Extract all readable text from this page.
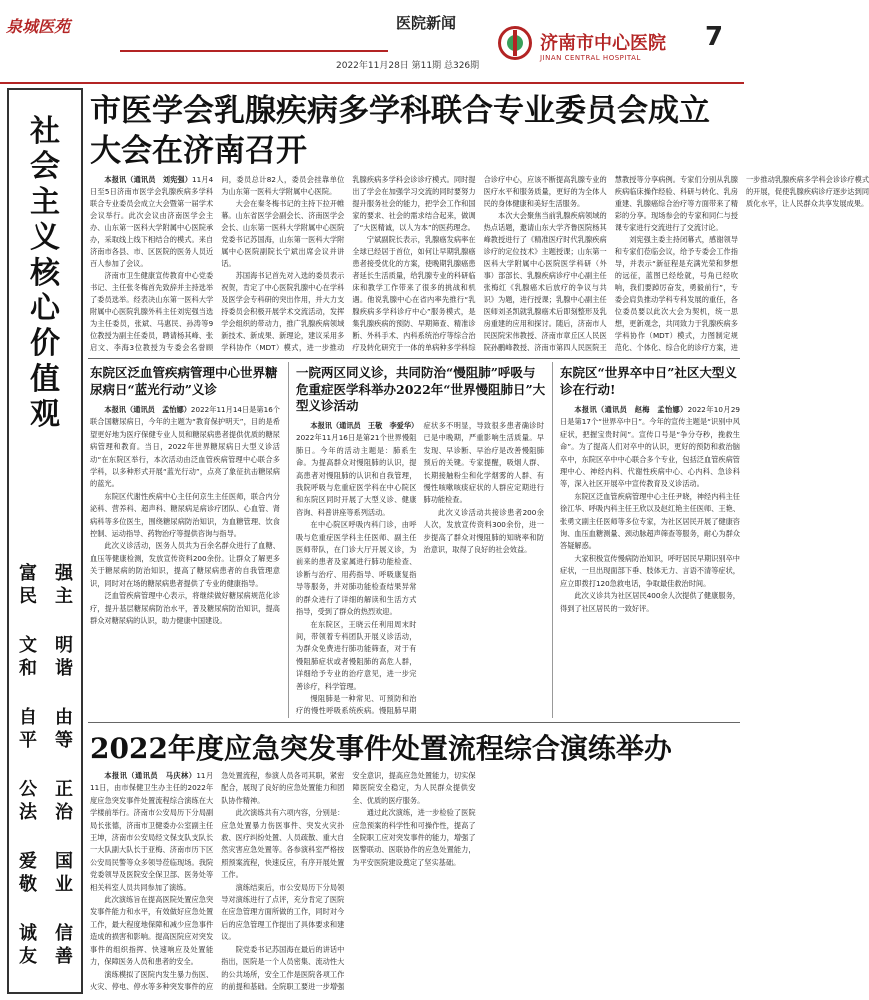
泉城医苑	医院新闻
2022年11月28日 第11期 总326期
济南市中心医院
JINAN CENTRAL HOSPITAL
7
社
会
主
义
核
心
价
值
观
富
民
强
主
文
和
明
谐
自
平
由
等
公
法
正
治
爱
敬
国
业
诚
友
信
善
市医学会乳腺疾病多学科联合专业委员会成立大会在济南召开

本报讯（通讯员　刘宪强）11月4日至5日济南市医学会乳腺疾病多学科联合专业委员会成立大会暨第一届学术会议举行。此次会议由济南医学会主办、山东第一医科大学附属中心医院承办，采取线上线下相结合的模式。来自济南市各县、市、区医院的医务人员近百人参加了会议。

济南市卫生健康宣传教育中心党委书记、主任张冬梅首先致辞并主持选举了委员选举。经表决山东第一医科大学附属中心医院乳腺外科主任刘宪强当选为主任委员，张斌、马惠民、孙涛等9位教授为副主任委员，聘请杨其峰、张启文、李海3位教授为专委会名誉顾问，委员总计82人，委员会挂靠单位为山东第一医科大学附属中心医院。

大会在秦冬梅书记的主持下拉开帷幕。山东省医学会副会长、济南医学会会长、山东第一医科大学附属中心医院党委书记苏国海，山东第一医科大学附属中心医院副院长宁斌出席会议并讲话。

苏国海书记首先对入选的委员表示祝贺，肯定了中心医院乳腺中心在学科及医学会专科研的突出作用，并大力支持委员会积极开展学术交流活动，发挥学会组织的带动力，推广乳腺疾病领域新技术、新成果、新理论，建议采用多学科协作（MDT）模式，进一步推动乳腺疾病多学科会诊诊疗模式。同时提出了学会在加强学习交流的同时要努力提升服务社会的能力，把学会工作和国家的要求、社会的需求结合起来，做调了“大医精诚，以人为本”的医药理念。

宁斌副院长表示，乳腺癌发病率在全球已经居于首位，如何让早期乳腺癌患者接受优化的方案，使晚期乳腺癌患者延长生活质量，给乳腺专业的科研临床和教学工作带来了很多的挑战和机遇。他说乳腺中心在省内率先推行“乳腺疾病多学科诊疗中心”服务模式，是集乳腺疾病的预防、早期筛查、精准诊断、外科手术、内科系统治疗等综合治疗及转化研究于一体的单病种多学科综合诊疗中心，应该不断提高乳腺专业的医疗水平和服务质量，更好的为全体人民的身体健康和美好生活服务。

本次大会聚焦当前乳腺疾病领域的热点话题，邀请山东大学齐鲁医院杨其峰教授进行了《精准医疗时代乳腺疾病诊疗的定位技术》主题授课；山东第一医科大学附属中心医院医学科研（外事）部部长、乳腺疾病诊疗中心副主任张梅红《乳腺癌术后放疗的争议与共识》为题，进行授课；乳腺中心副主任医师刘圣凯就乳腺癌术后即刻整形及乳房重建的应用和探讨。随后，济南市人民医院宋伟教授、济南市章丘区人民医院孙鹏峰教授、济南市第四人民医院王慧教授等分享病例。专家们分别从乳腺疾病临床操作经验、科研与转化、乳房重建、乳腺癌综合治疗等方面带来了精彩的分享。现场参会的专家和同仁与授课专家进行交流进行了交流讨论。

刘宪强主委主持闭幕式，感谢领导和专家们莅临会议，给予专委会工作指导，并表示“新征程是充满光荣和梦想的远征，蓝图已经绘就，号角已经吹响，我们要踔厉奋发，勇毅前行”，专委会肩负推动学科专科发展的重任，各位委员要以此次大会为契机，统一思想，更新观念，共同致力于乳腺疾病多学科协作（MDT）模式，力图制定规范化、个体化、综合化的诊疗方案，进一步推动乳腺疾病多学科会诊诊疗模式的开展，促使乳腺疾病诊疗逐步达到同质化水平，让人民群众共享发展成果。

东院区泛血管疾病管理中心世界糖尿病日“蓝光行动”义诊

本报讯（通讯员　孟怡娜）2022年11月14日是第16个联合国糖尿病日，今年的主题为“教育保护明天”，目的是希望更好地为医疗保健专业人员和糖尿病患者提供优质的糖尿病管理和教育。当日，2022年世界糖尿病日大型义诊活动“在东院区举行，本次活动由泛血管疾病管理中心联合多学科，以多种形式开展“蓝光行动”，点亮了象征抗击糖尿病的蓝光。

东院区代谢性疾病中心主任何京生主任医师，联合内分泌科、营养科、超声科、糖尿病足病诊疗团队、心血管、肾病科等多位医生，围绕糖尿病防治知识，为血糖管理、饮食控制、运动指导、药物治疗等提供咨询与指导。

此次义诊活动，医务人员共为百余名群众进行了血糖、血压等健康检测，发放宣传资料200余份。让群众了解更多关于糖尿病的防治知识，提高了糖尿病患者的自我管理意识，同时对在场的糖尿病患者提供了专业的健康指导。

泛血管疾病管理中心表示，将继续做好糖尿病规范化诊疗，提升基层糖尿病防治水平，普及糖尿病防治知识，提高群众对糖尿病的认识，助力健康中国建设。

一院两区同义诊，共同防治“慢阻肺”呼吸与危重症医学科举办2022年“世界慢阻肺日”大型义诊活动

本报讯（通讯员　王敬　李爱华）2022年11月16日是第21个世界慢阻肺日。今年的活动主题是：肺系生命。为提高群众对慢阻肺的认识，提高患者对慢阻肺的认识和自我管理，我院呼吸与危重症医学科在中心院区和东院区同时开展了大型义诊、健康咨询、科普讲座等系列活动。

在中心院区呼吸内科门诊，由呼吸与危重症医学科主任医师、副主任医师带队，在门诊大厅开展义诊，为前来的患者及家属进行肺功能检查、诊断与治疗、用药指导、呼吸康复指导等服务，并对肺功能检查结果异常的群众进行了详细的解读和生活方式指导，受到了群众的热烈欢迎。

在东院区，王晓云任利用周末时间，带领着专科团队开展义诊活动，为群众免费进行肺功能筛查，对于有慢阻肺症状或者慢阻肺的高危人群，详细给予专业的治疗意见，进一步完善诊疗，科学管理。

慢阻肺是一种常见、可预防和治疗的慢性呼吸系统疾病。慢阻肺早期症状多不明显，导致很多患者确诊时已是中晚期，严重影响生活质量。早发现、早诊断、早治疗是改善慢阻肺预后的关键。专家提醒，吸烟人群、长期接触粉尘和化学烟雾的人群、有慢性咳嗽咳痰症状的人群应定期进行肺功能检查。

此次义诊活动共接诊患者200余人次，发放宣传资料300余份，进一步提高了群众对慢阻肺的知晓率和防治意识，取得了良好的社会效益。

东院区“世界卒中日”社区大型义诊在行动!

本报讯（通讯员　赵梅　孟怡娜）2022年10月29日是第17个“世界卒中日”。今年的宣传主题是“识别中风症状，把握宝贵时间”。宣传口号是“争分夺秒，挽救生命”。为了提高人们对卒中的认识，更好的预防和救治脑卒中，东院区卒中中心联合多个专业，包括泛血管疾病管理中心、神经内科、代谢性疾病中心、心内科、急诊科等，深入社区开展卒中宣传教育及义诊活动。

东院区泛血管疾病管理中心主任尹晓，神经内科主任徐江华、呼吸内科主任王欣以及赵红艳主任医师、王艳、张勇文副主任医师等多位专家，为社区居民开展了健康咨询、血压血糖测量、颈动脉超声筛查等服务，耐心为群众答疑解惑。

大家积极宣传慢病防治知识，呼吁居民早期识别卒中症状，一旦出现面部下垂、肢体无力、言语不清等症状，应立即拨打120急救电话，争取最佳救治时间。

此次义诊共为社区居民400余人次提供了健康服务，得到了社区居民的一致好评。

2022年度应急突发事件处置流程综合演练举办

本报讯（通讯员　马庆林）11月11日，由市保健卫生办主任的2022年度应急突发事件处置流程综合演练在大学楼前举行。济南市公安局历下分局副局长张德，济南市卫健委办公室副主任王坤，济南市公安局经文保支队支队长一大队副大队长于亚梅、济南市历下区公安局民警等众多领导莅临现场。我院党委领导及医院安全保卫部、医务处等相关科室人员共同参加了演练。

此次演练旨在提高医院处置应急突发事件能力和水平，有效做好应急处置工作，最大程度地保障和减少应急事件造成的损害和影响。提高医院应对突发事件的组织指挥、快速响应及处置能力，保障医务人员和患者的安全。

演练模拟了医院内发生暴力伤医、火灾、停电、停水等多种突发事件的应急处置流程，参演人员各司其职，紧密配合，展现了良好的应急处置能力和团队协作精神。

此次演练共有六项内容，分别是：应急处置暴力伤医事件、突发火灾扑救、医疗纠纷处置、人员疏散、重大自然灾害应急处置等。各参演科室严格按照预案流程，快速反应，有序开展处置工作。

演练结束后，市公安局历下分局领导对演练进行了点评，充分肯定了医院在应急管理方面所做的工作，同时对今后的应急管理工作提出了具体要求和建议。

院党委书记苏国海在最后的讲话中指出，医院是一个人员密集、流动性大的公共场所，安全工作是医院各项工作的前提和基础。全院职工要进一步增强安全意识，提高应急处置能力，切实保障医院安全稳定，为人民群众提供安全、优质的医疗服务。

通过此次演练，进一步检验了医院应急预案的科学性和可操作性，提高了全院职工应对突发事件的能力，增强了医警联动、医联协作的应急处置能力，为平安医院建设奠定了坚实基础。
